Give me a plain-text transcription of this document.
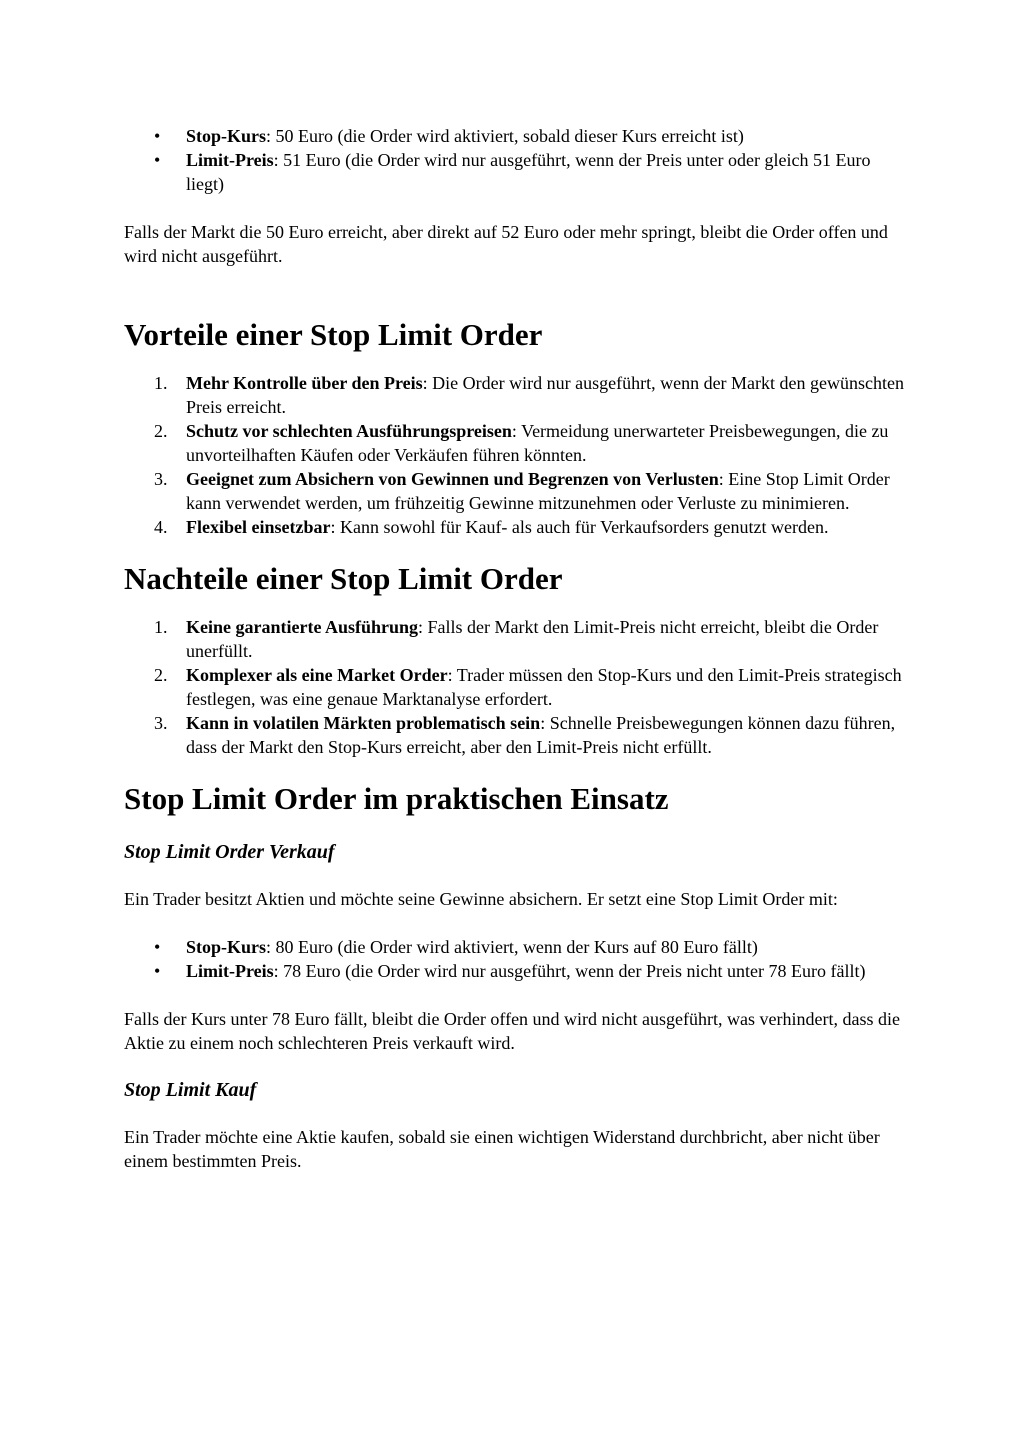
• Stop-Kurs: 50 Euro (die Order wird aktiviert, sobald dieser Kurs erreicht ist)
• Limit-Preis: 51 Euro (die Order wird nur ausgeführt, wenn der Preis unter oder gleich 51 Euro liegt)

Falls der Markt die 50 Euro erreicht, aber direkt auf 52 Euro oder mehr springt, bleibt die Order offen und wird nicht ausgeführt.

Vorteile einer Stop Limit Order
1. Mehr Kontrolle über den Preis: Die Order wird nur ausgeführt, wenn der Markt den gewünschten Preis erreicht.
2. Schutz vor schlechten Ausführungspreisen: Vermeidung unerwarteter Preisbewegungen, die zu unvorteilhaften Käufen oder Verkäufen führen könnten.
3. Geeignet zum Absichern von Gewinnen und Begrenzen von Verlusten: Eine Stop Limit Order kann verwendet werden, um frühzeitig Gewinne mitzunehmen oder Verluste zu minimieren.
4. Flexibel einsetzbar: Kann sowohl für Kauf- als auch für Verkaufsorders genutzt werden.
Nachteile einer Stop Limit Order
1. Keine garantierte Ausführung: Falls der Markt den Limit-Preis nicht erreicht, bleibt die Order unerfüllt.
2. Komplexer als eine Market Order: Trader müssen den Stop-Kurs und den Limit-Preis strategisch festlegen, was eine genaue Marktanalyse erfordert.
3. Kann in volatilen Märkten problematisch sein: Schnelle Preisbewegungen können dazu führen, dass der Markt den Stop-Kurs erreicht, aber den Limit-Preis nicht erfüllt.
Stop Limit Order im praktischen Einsatz
Stop Limit Order Verkauf

Ein Trader besitzt Aktien und möchte seine Gewinne absichern. Er setzt eine Stop Limit Order mit:

• Stop-Kurs: 80 Euro (die Order wird aktiviert, wenn der Kurs auf 80 Euro fällt)
• Limit-Preis: 78 Euro (die Order wird nur ausgeführt, wenn der Preis nicht unter 78 Euro fällt)

Falls der Kurs unter 78 Euro fällt, bleibt die Order offen und wird nicht ausgeführt, was verhindert, dass die Aktie zu einem noch schlechteren Preis verkauft wird.

Stop Limit Kauf

Ein Trader möchte eine Aktie kaufen, sobald sie einen wichtigen Widerstand durchbricht, aber nicht über einem bestimmten Preis.
